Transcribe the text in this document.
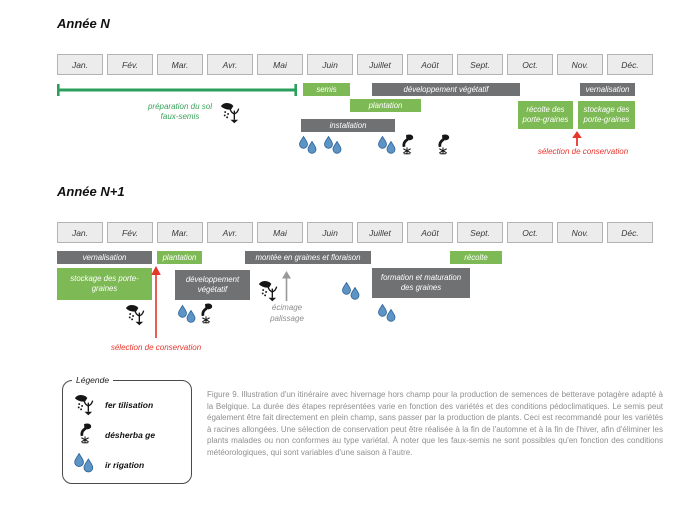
Année N
Jan.	Fév.	Mar.	Avr.	Mai	Juin	Juillet	Août	Sept.	Oct.	Nov.	Déc.
préparation du sol
faux-semis
semis	développement végétatif	vernalisation
plantation
récolte des porte-graines
stockage des porte-graines
installation
sélection de conservation
Année N+1
Jan.	Fév.	Mar.	Avr.	Mai	Juin	Juillet	Août	Sept.	Oct.	Nov.	Déc.
vernalisation	plantation	montée en graines et floraison	récolte
stockage des porte-graines
développement végétatif
formation et maturation des graines
sélection de conservation
écimage
palissage
Légende
fer tilisation
désherba ge
ir rigation
Figure 9. Illustration d'un itinéraire avec hivernage hors champ pour la production de semences de betterave potagère adapté à la Belgique. La durée des étapes représentées varie en fonction des variétés et des conditions pédoclimatiques. Le semis peut également être fait directement en plein champ, sans passer par la production de plants. Ceci est recommandé pour les variétés à racines allongées. Une sélection de conservation peut être réalisée à la fin de l'automne et à la fin de l'hiver, afin d'éliminer les plants malades ou non conformes au type variétal. À noter que les faux-semis ne sont possibles qu'en fonction des conditions météorologiques, qui sont variables d'une saison à l'autre.
